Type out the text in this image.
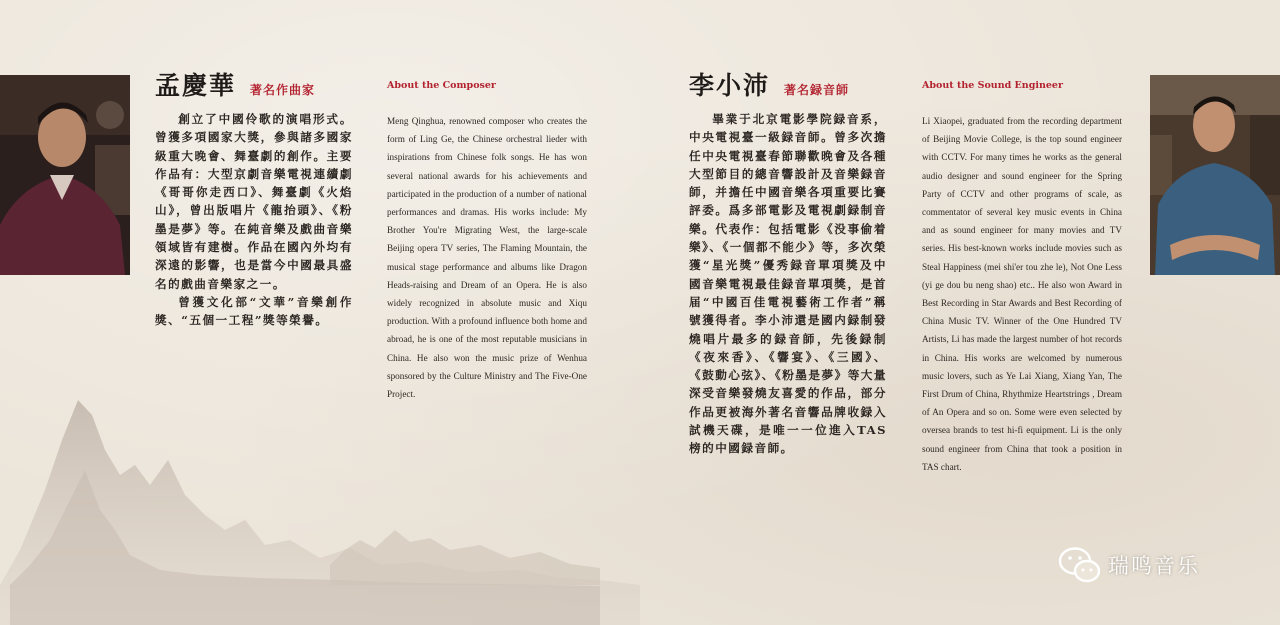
孟慶華 著名作曲家	About the Composer

創立了中國伶歌的演唱形式。曾獲多項國家大獎，參與諸多國家級重大晚會、舞臺劇的創作。主要作品有：大型京劇音樂電視連續劇《哥哥你走西口》、舞臺劇《火焰山》，曾出版唱片《龍抬頭》、《粉墨是夢》等。在純音樂及戲曲音樂領域皆有建樹。作品在國內外均有深遠的影響，也是當今中國最具盛名的戲曲音樂家之一。

曾獲文化部“文華”音樂創作獎、“五個一工程”獎等榮譽。

Meng Qinghua, renowned composer who creates the form of Ling Ge, the Chinese orchestral lieder with inspirations from Chinese folk songs. He has won several national awards for his achievements and participated in the production of a number of national performances and dramas. His works include: My Brother You're Migrating West, the large-scale Beijing opera TV series, The Flaming Mountain, the musical stage performance and albums like Dragon Heads-raising and Dream of an Opera. He is also widely recognized in absolute music and Xiqu production. With a profound influence both home and abroad, he is one of the most reputable musicians in China. He also won the music prize of Wenhua sponsored by the Culture Ministry and The Five-One Project.

李小沛 著名録音師	About the Sound Engineer

畢業于北京電影學院録音系，中央電視臺一級録音師。曾多次擔任中央電視臺春節聯歡晚會及各種大型節目的總音響設計及音樂録音師，并擔任中國音樂各項重要比賽評委。爲多部電影及電視劇録制音樂。代表作：包括電影《没事偷着樂》、《一個都不能少》等，多次榮獲“星光獎”優秀録音單項獎及中國音樂電視最佳録音單項獎，是首届“中國百佳電視藝術工作者”稱號獲得者。李小沛還是國内録制發燒唱片最多的録音師，先後録制《夜來香》、《響宴》、《三國》、《鼓動心弦》、《粉墨是夢》等大量深受音樂發燒友喜愛的作品，部分作品更被海外著名音響品牌收録入試機天碟，是唯一一位進入TAS榜的中國録音師。

Li Xiaopei, graduated from the recording department of Beijing Movie College, is the top sound engineer with CCTV. For many times he works as the general audio designer and sound engineer for the Spring Party of CCTV and other programs of scale, as commentator of several key music events in China and as sound engineer for many movies and TV series. His best-known works include movies such as Steal Happiness (mei shi'er tou zhe le), Not One Less (yi ge dou bu neng shao) etc.. He also won Award in Best Recording in Star Awards and Best Recording of China Music TV. Winner of the One Hundred TV Artists, Li has made the largest number of hot records in China. His works are welcomed by numerous music lovers, such as Ye Lai Xiang, Xiang Yan, The First Drum of China, Rhythmize Heartstrings , Dream of An Opera and so on. Some were even selected by oversea brands to test hi-fi equipment. Li is the only sound engineer from China that took a position in TAS chart.

瑞鸣音乐
